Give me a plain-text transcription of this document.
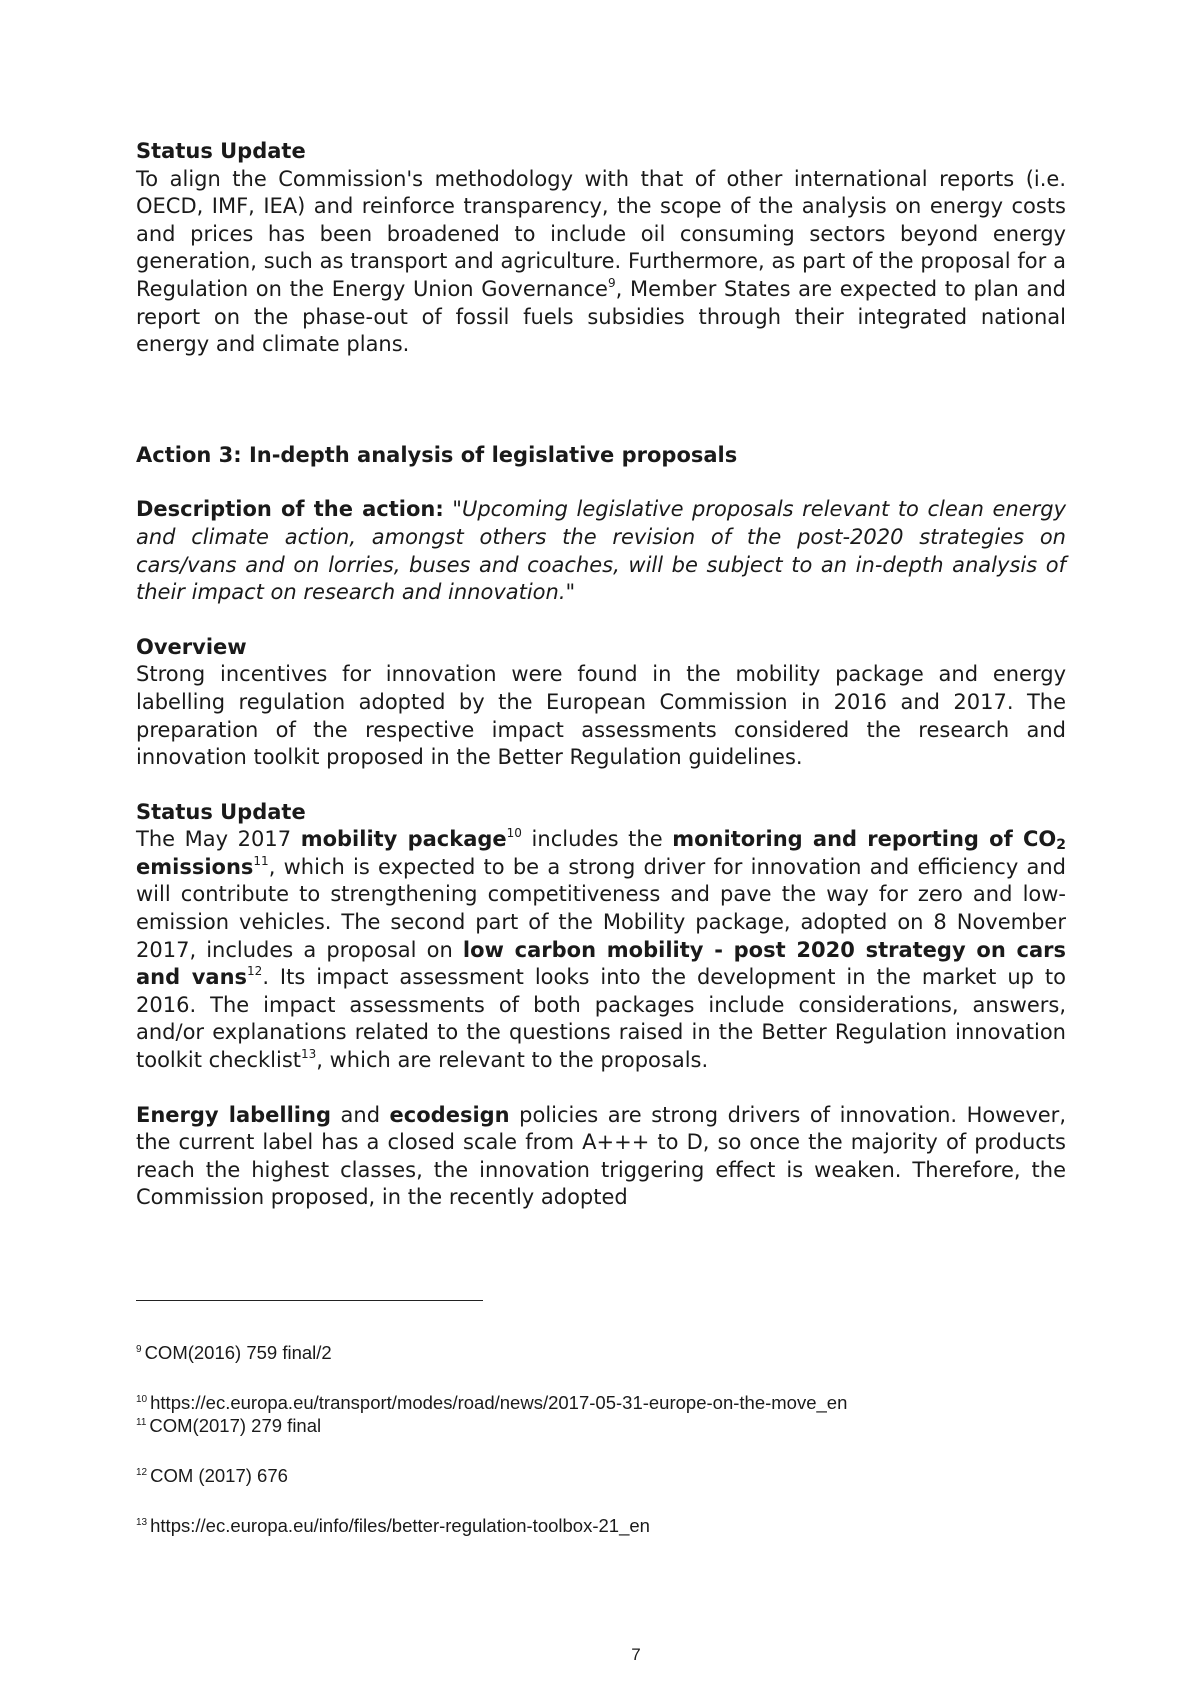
Status Update

To align the Commission's methodology with that of other international reports (i.e. OECD, IMF, IEA) and reinforce transparency, the scope of the analysis on energy costs and prices has been broadened to include oil consuming sectors beyond energy generation, such as transport and agriculture. Furthermore, as part of the proposal for a Regulation on the Energy Union Governance$^9$, Member States are expected to plan and report on the phase-out of fossil fuels subsidies through their integrated national energy and climate plans.

Action 3: In-depth analysis of legislative proposals

Description of the action: "Upcoming legislative proposals relevant to clean energy and climate action, amongst others the revision of the post-2020 strategies on cars/vans and on lorries, buses and coaches, will be subject to an in-depth analysis of their impact on research and innovation."

Overview

Strong incentives for innovation were found in the mobility package and energy labelling regulation adopted by the European Commission in 2016 and 2017. The preparation of the respective impact assessments considered the research and innovation toolkit proposed in the Better Regulation guidelines.

Status Update

The May 2017 mobility package$^{10}$ includes the monitoring and reporting of $CO_2$ emissions$^{11}$, which is expected to be a strong driver for innovation and efficiency and will contribute to strengthening competitiveness and pave the way for zero and low-emission vehicles. The second part of the Mobility package, adopted on 8 November 2017, includes a proposal on low carbon mobility - post 2020 strategy on cars and vans$^{12}$. Its impact assessment looks into the development in the market up to 2016. The impact assessments of both packages include considerations, answers, and/or explanations related to the questions raised in the Better Regulation innovation toolkit checklist$^{13}$, which are relevant to the proposals.

Energy labelling and ecodesign policies are strong drivers of innovation. However, the current label has a closed scale from A+++ to D, so once the majority of products reach the highest classes, the innovation triggering effect is weaken. Therefore, the Commission proposed, in the recently adopted

$^9$ COM(2016) 759 final/2
$^{10}$ https://ec.europa.eu/transport/modes/road/news/2017-05-31-europe-on-the-move_en
$^{11}$ COM(2017) 279 final
$^{12}$ COM (2017) 676
$^{13}$ https://ec.europa.eu/info/files/better-regulation-toolbox-21_en
7
